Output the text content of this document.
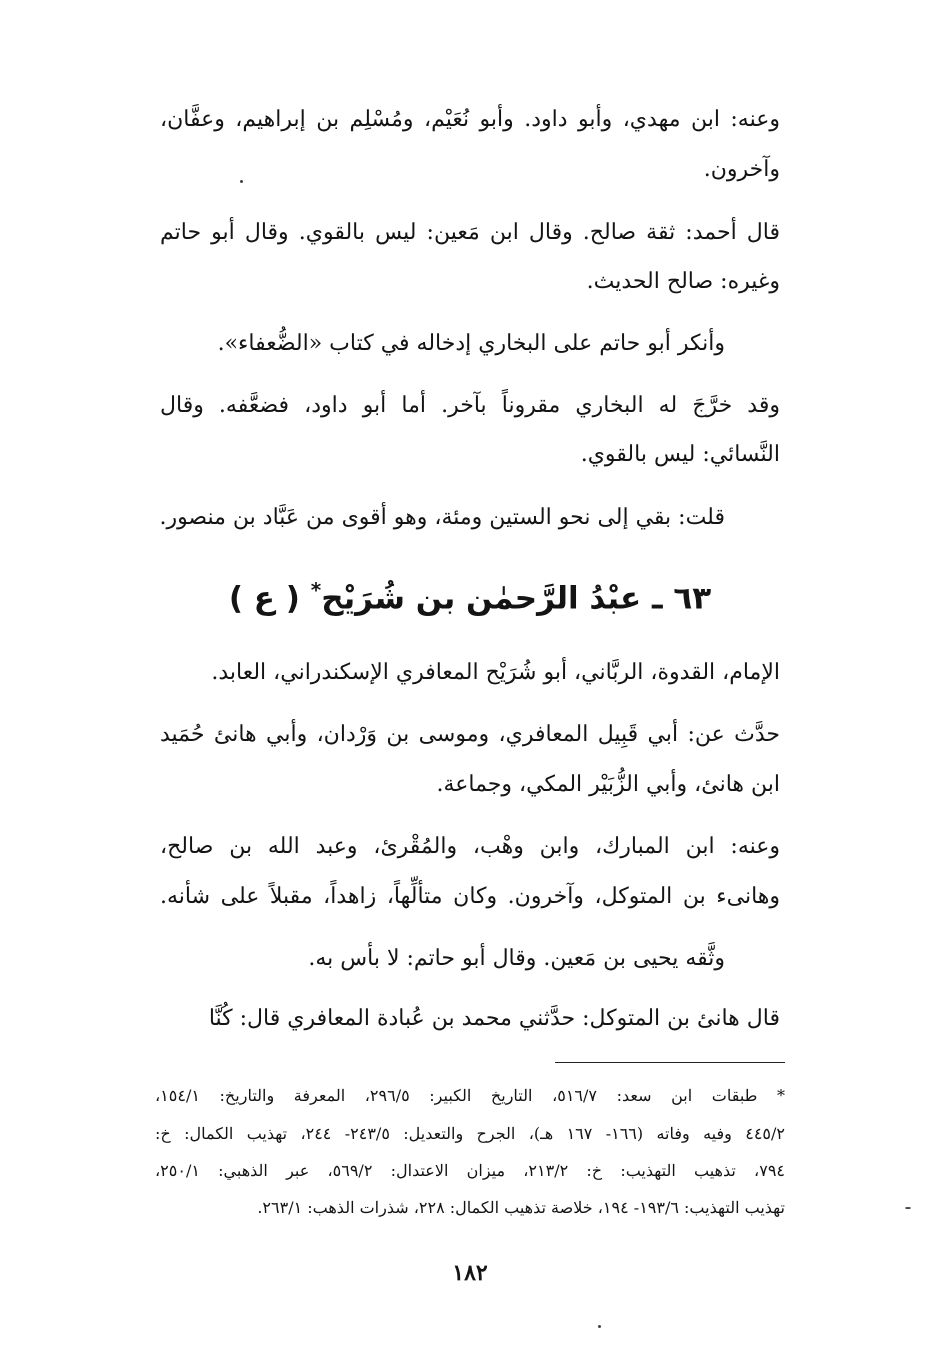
وعنه: ابن مهدي، وأبو داود. وأبو نُعَيْم، ومُسْلِم بن إبراهيم، وعفَّان،
وآخرون.
قال أحمد: ثقة صالح. وقال ابن مَعين: ليس بالقوي. وقال أبو حاتم
وغيره: صالح الحديث.
وأنكر أبو حاتم على البخاري إدخاله في كتاب «الضُّعفاء».
وقد خرَّجَ له البخاري مقروناً بآخر. أما أبو داود، فضعَّفه. وقال
النَّسائي: ليس بالقوي.
قلت: بقي إلى نحو الستين ومئة، وهو أقوى من عَبَّاد بن منصور.
٦٣ ـ عبْدُ الرَّحمٰن بن شُرَيْح* ( ع )
الإمام، القدوة، الربَّاني، أبو شُرَيْح المعافري الإسكندراني، العابد.
حدَّث عن: أبي قَبِيل المعافري، وموسى بن وَرْدان، وأبي هانئ حُمَيد
ابن هانئ، وأبي الزُّبَيْر المكي، وجماعة.
وعنه: ابن المبارك، وابن وهْب، والمُقْرئ، وعبد الله بن صالح،
وهانىء بن المتوكل، وآخرون. وكان متألِّهاً، زاهداً، مقبلاً على شأنه.
وثَّقه يحيى بن مَعين. وقال أبو حاتم: لا بأس به.
قال هانئ بن المتوكل: حدَّثني محمد بن عُبادة المعافري قال: كُنَّا
* طبقات ابن سعد: ٥١٦/٧، التاريخ الكبير: ٢٩٦/٥، المعرفة والتاريخ: ١٥٤/١،
٤٤٥/٢ وفيه وفاته (١٦٦- ١٦٧ هـ)، الجرح والتعديل: ٢٤٣/٥- ٢٤٤، تهذيب الكمال: خ:
٧٩٤، تذهيب التهذيب: خ: ٢١٣/٢، ميزان الاعتدال: ٥٦٩/٢، عبر الذهبي: ٢٥٠/١،
تهذيب التهذيب: ١٩٣/٦- ١٩٤، خلاصة تذهيب الكمال: ٢٢٨، شذرات الذهب: ٢٦٣/١.
١٨٢
